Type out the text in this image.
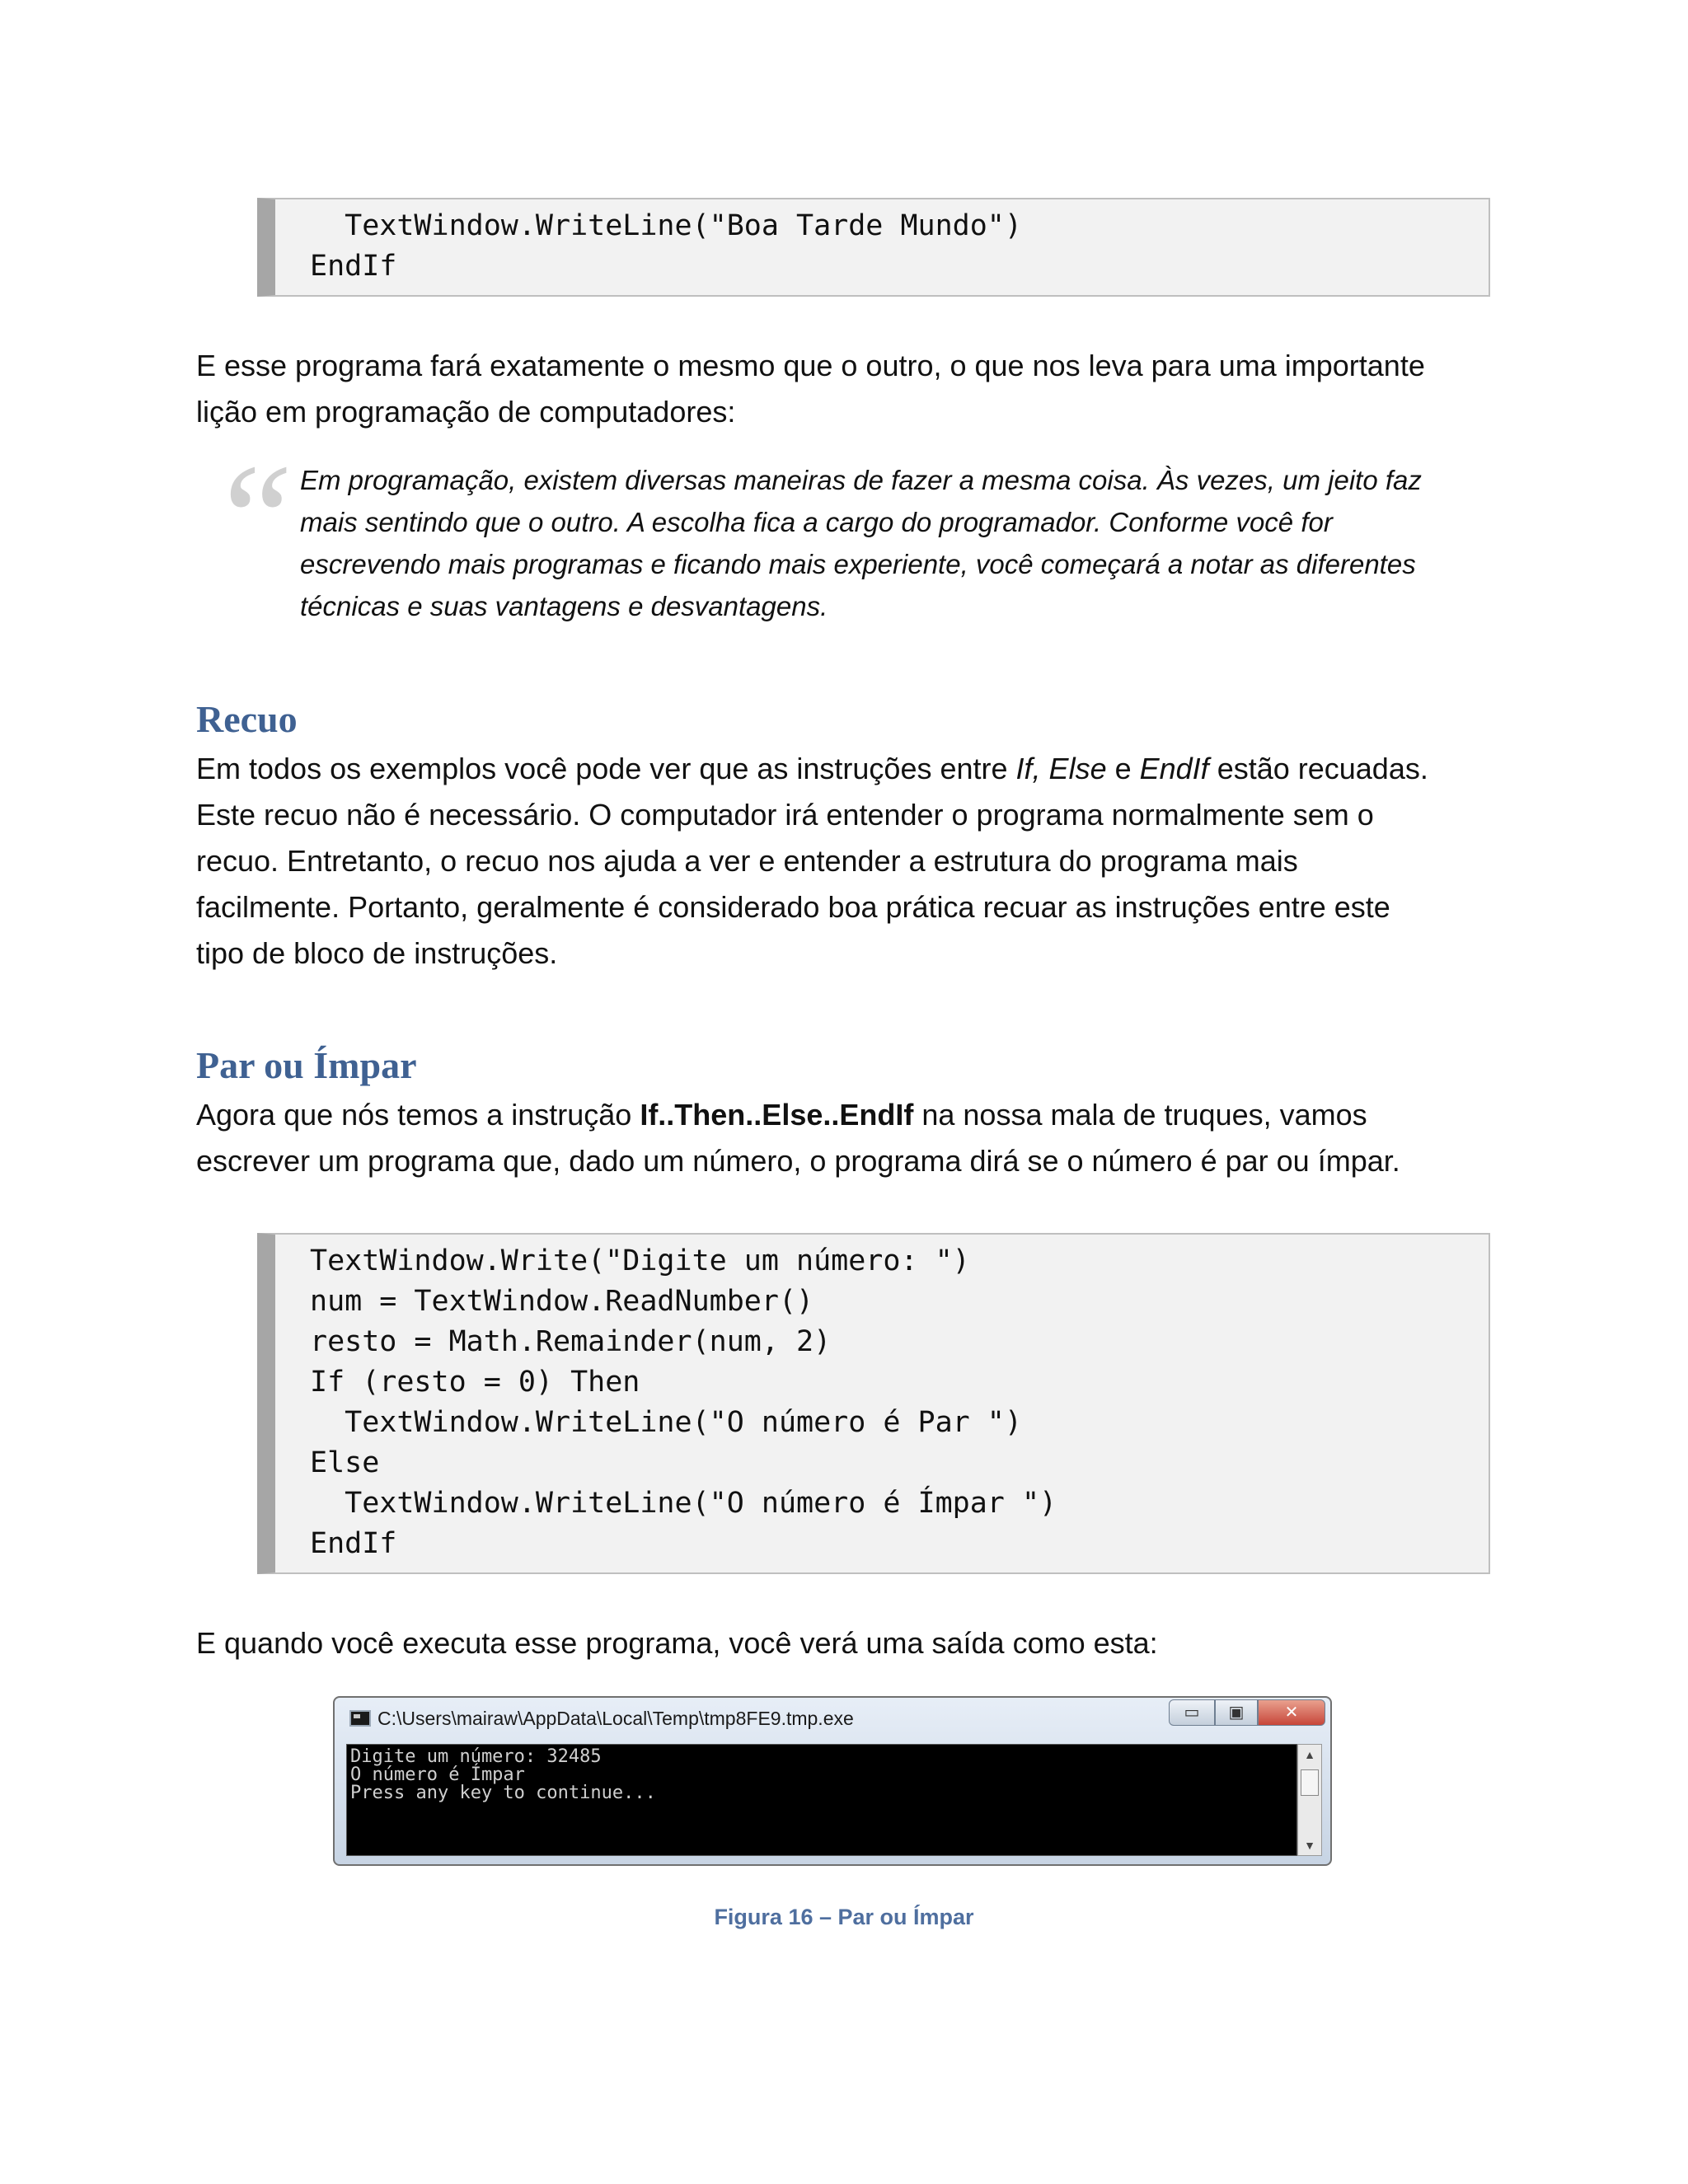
TextWindow.WriteLine("Boa Tarde Mundo")
EndIf

E esse programa fará exatamente o mesmo que o outro, o que nos leva para uma importante

lição em programação de computadores:

“ Em programação, existem diversas maneiras de fazer a mesma coisa. Às vezes, um jeito faz

mais sentindo que o outro. A escolha fica a cargo do programador. Conforme você for

escrevendo mais programas e ficando mais experiente, você começará a notar as diferentes

técnicas e suas vantagens e desvantagens.

Recuo

Em todos os exemplos você pode ver que as instruções entre If, Else e EndIf estão recuadas.

Este recuo não é necessário. O computador irá entender o programa normalmente sem o

recuo. Entretanto, o recuo nos ajuda a ver e entender a estrutura do programa mais

facilmente. Portanto, geralmente é considerado boa prática recuar as instruções entre este

tipo de bloco de instruções.

Par ou Ímpar

Agora que nós temos a instrução If..Then..Else..EndIf na nossa mala de truques, vamos

escrever um programa que, dado um número, o programa dirá se o número é par ou ímpar.

TextWindow.Write("Digite um número: ")
num = TextWindow.ReadNumber()
resto = Math.Remainder(num, 2)
If (resto = 0) Then
TextWindow.WriteLine("O número é Par ")
Else
TextWindow.WriteLine("O número é Ímpar ")
EndIf

E quando você executa esse programa, você verá uma saída como esta:

C:\Users\mairaw\AppData\Local\Temp\tmp8FE9.tmp.exe	▭	▣	✕
Digite um número: 32485
O número é Ímpar
Press any key to continue...
▲
▼
Figura 16 – Par ou Ímpar
